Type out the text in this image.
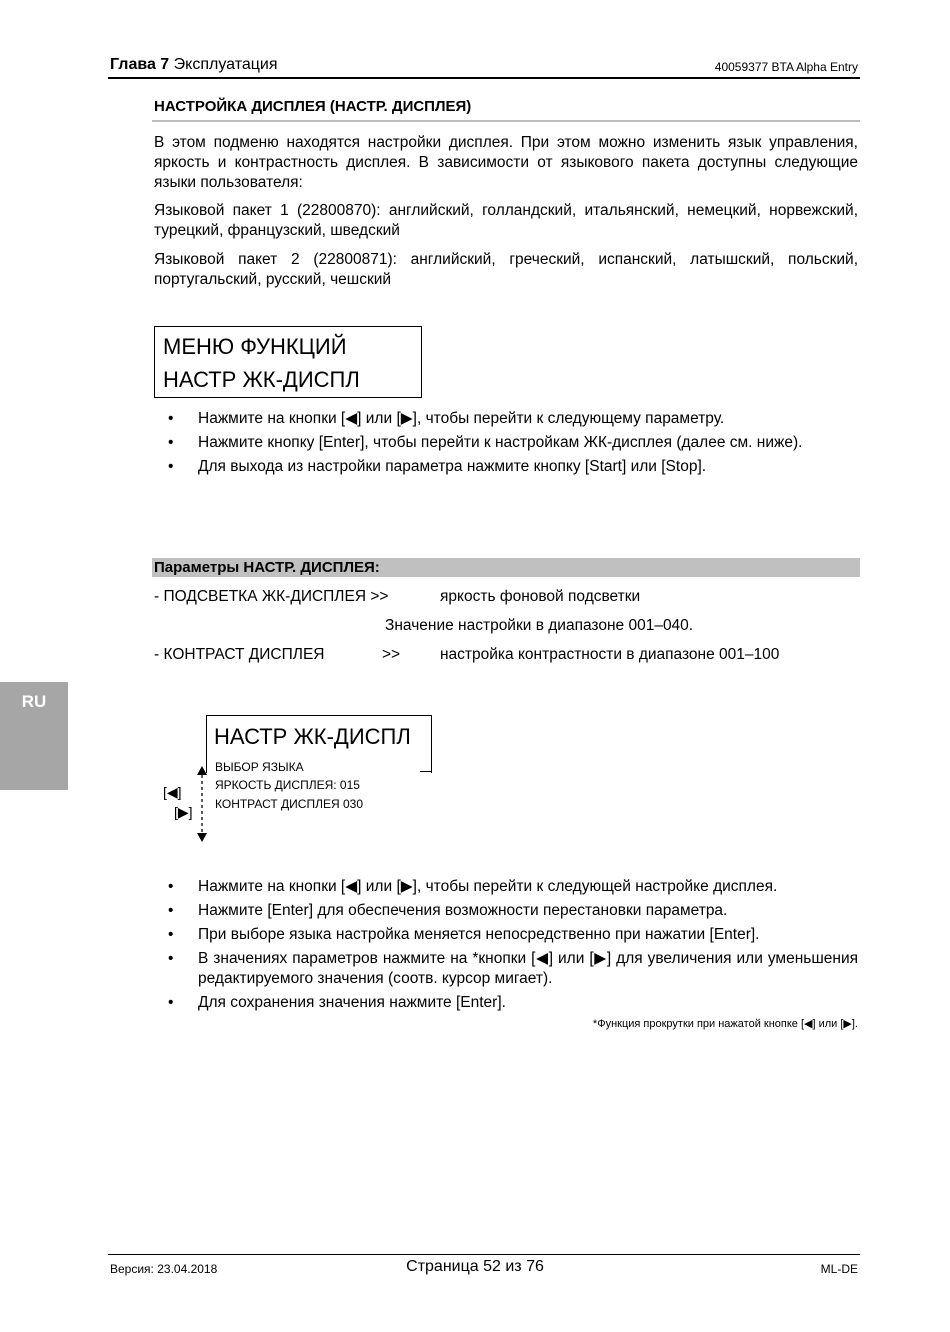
Глава 7 Эксплуатация	40059377 BTA Alpha Entry
НАСТРОЙКА ДИСПЛЕЯ (НАСТР. ДИСПЛЕЯ)
В этом подменю находятся настройки дисплея. При этом можно изменить язык управления, яркость и контрастность дисплея. В зависимости от языкового пакета доступны следующие языки пользователя:
Языковой пакет 1 (22800870): английский, голландский, итальянский, немецкий, норвежский, турецкий, французский, шведский
Языковой пакет 2 (22800871): английский, греческий, испанский, латышский, польский, португальский, русский, чешский
МЕНЮ ФУНКЦИЙ
НАСТР ЖК-ДИСПЛ
• Нажмите на кнопки [◀] или [▶], чтобы перейти к следующему параметру.
• Нажмите кнопку [Enter], чтобы перейти к настройкам ЖК-дисплея (далее см. ниже).
• Для выхода из настройки параметра нажмите кнопку [Start] или [Stop].
Параметры НАСТР. ДИСПЛЕЯ:
- ПОДСВЕТКА ЖК-ДИСПЛЕЯ >>	яркость фоновой подсветки
Значение настройки в диапазоне 001–040.
- КОНТРАСТ ДИСПЛЕЯ	>>	настройка контрастности в диапазоне 001–100
RU
НАСТР ЖК-ДИСПЛ
ВЫБОР ЯЗЫКА
ЯРКОСТЬ ДИСПЛЕЯ: 015
КОНТРАСТ ДИСПЛЕЯ 030
[◀]
[▶]
• Нажмите на кнопки [◀] или [▶], чтобы перейти к следующей настройке дисплея.
• Нажмите [Enter] для обеспечения возможности перестановки параметра.
• При выборе языка настройка меняется непосредственно при нажатии [Enter].
• В значениях параметров нажмите на *кнопки [◀] или [▶] для увеличения или уменьшения редактируемого значения (соотв. курсор мигает).
• Для сохранения значения нажмите [Enter].
*Функция прокрутки при нажатой кнопке [◀] или [▶].
Версия: 23.04.2018	Страница 52 из 76	ML-DE
